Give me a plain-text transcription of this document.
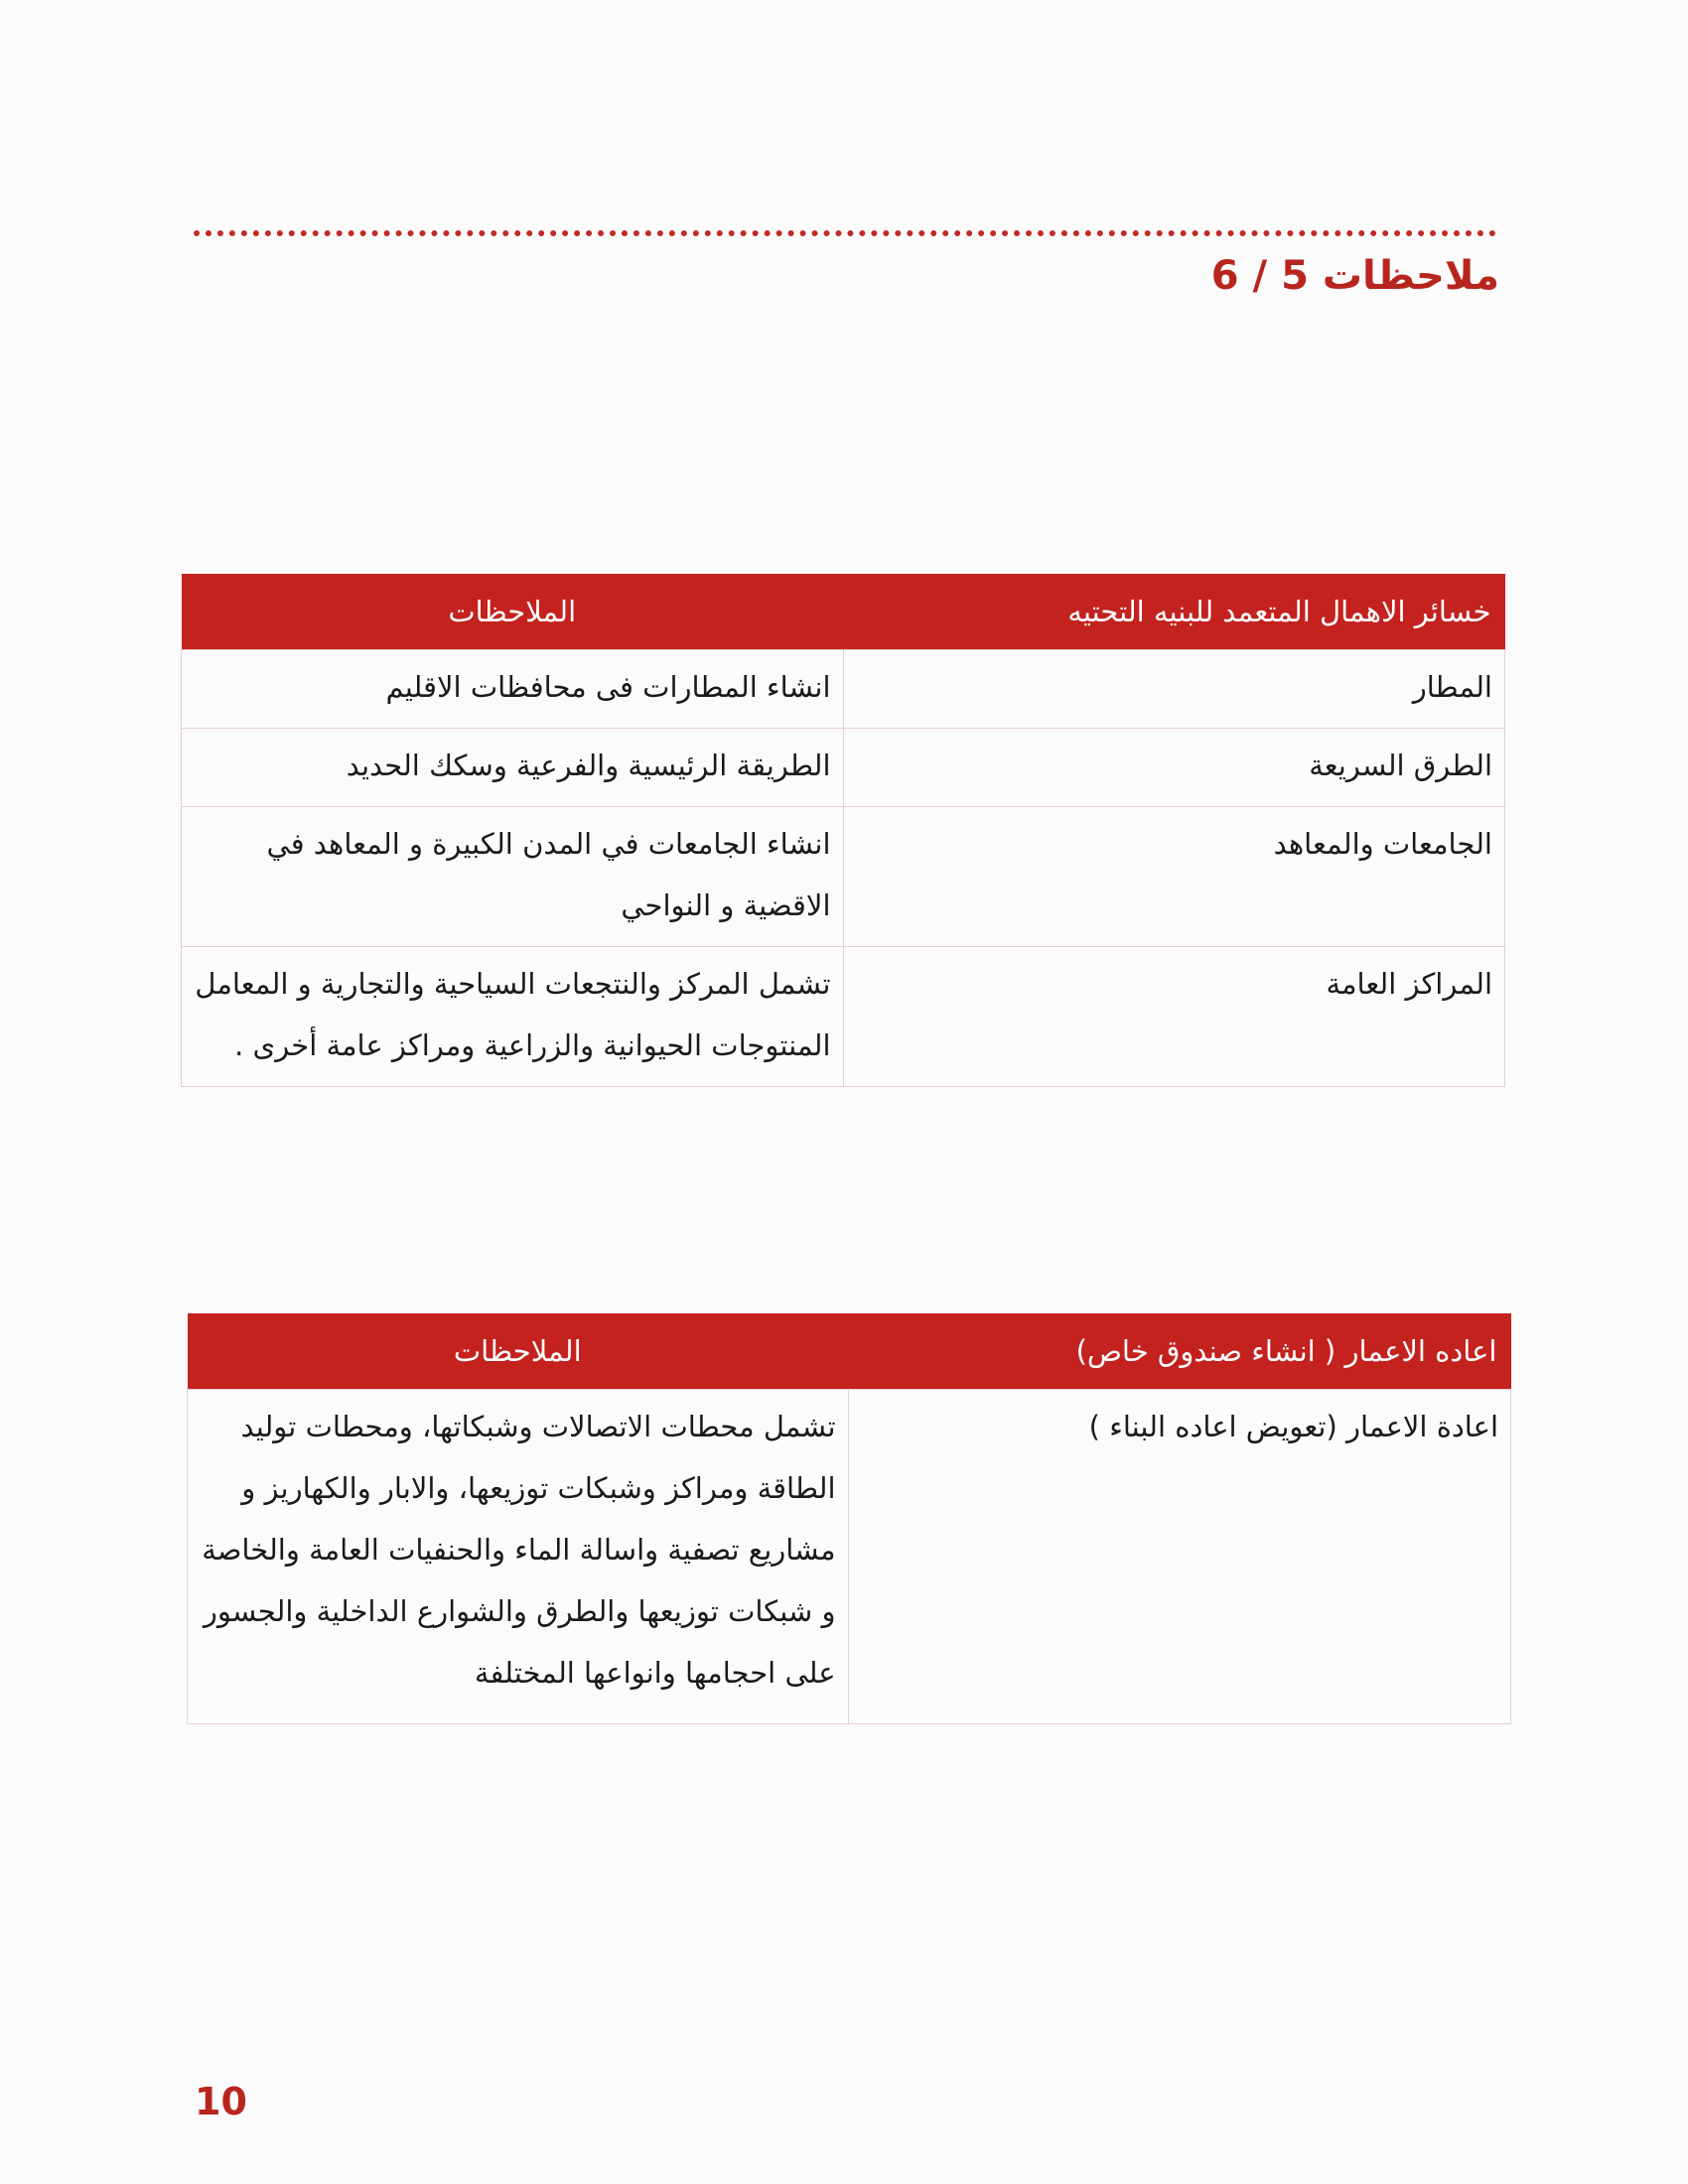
ملاحظات 5 / 6
خسائر الاهمال المتعمد للبنيه التحتيه	الملاحظات
المطار	انشاء المطارات فى محافظات الاقليم
الطرق السريعة	الطريقة الرئيسية والفرعية وسكك الحديد
الجامعات والمعاهد	انشاء الجامعات في المدن الكبيرة و المعاهد في الاقضية و النواحي
المراكز العامة	تشمل المركز والنتجعات السياحية والتجارية و المعامل المنتوجات الحيوانية والزراعية ومراكز عامة أخرى .
اعاده الاعمار ( انشاء صندوق خاص)	الملاحظات
اعادة الاعمار (تعويض اعاده البناء )	تشمل محطات الاتصالات وشبكاتها، ومحطات توليد الطاقة ومراكز وشبكات توزيعها، والابار والكهاريز و مشاريع تصفية واسالة الماء والحنفيات العامة والخاصة و شبكات توزيعها والطرق والشوارع الداخلية والجسور على احجامها وانواعها المختلفة
10
